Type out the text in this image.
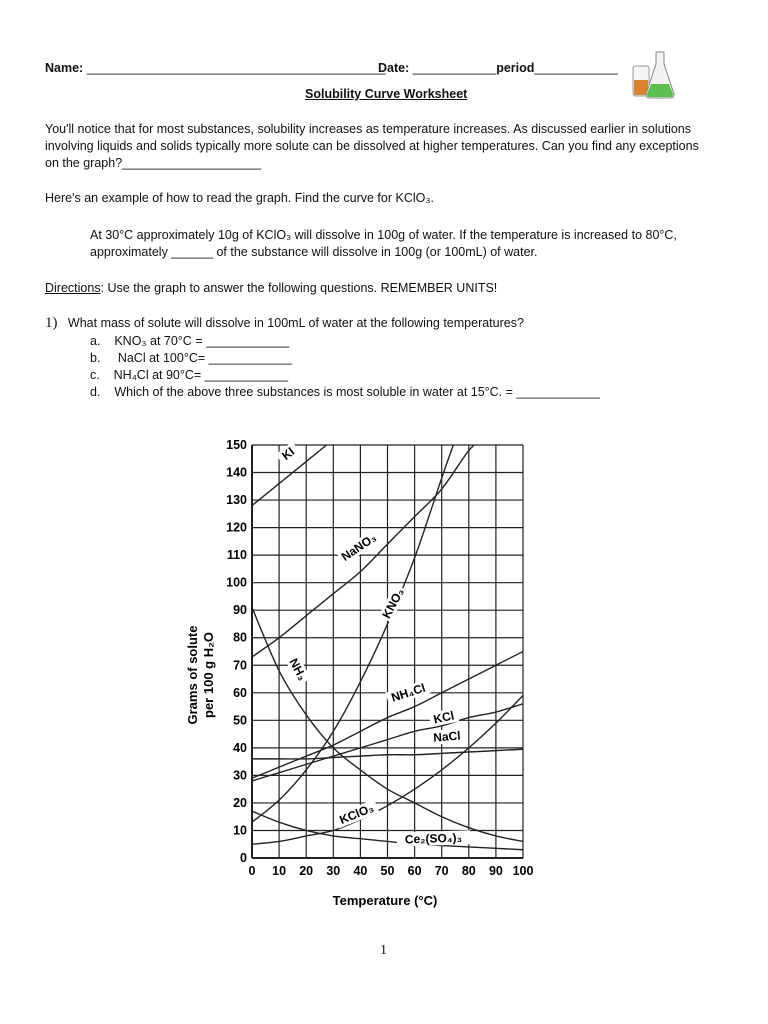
Name: ___________________________________________
Date: ____________period____________
Solubility Curve Worksheet
You'll notice that for most substances, solubility increases as temperature increases. As discussed earlier in solutions
involving liquids and solids typically more solute can be dissolved at higher temperatures. Can you find any exceptions
on the graph?____________________
Here's an example of how to read the graph. Find the curve for KClO₃.
At 30°C approximately 10g of KClO₃ will dissolve in 100g of water. If the temperature is increased to 80°C,
approximately ______ of the substance will dissolve in 100g (or 100mL) of water.
Directions: Use the graph to answer the following questions. REMEMBER UNITS!
1) What mass of solute will dissolve in 100mL of water at the following temperatures?
a. KNO₃ at 70°C = ____________
b.     NaCl at 100°C= ____________
c. NH₄Cl at 90°C= ____________
d. Which of the above three substances is most soluble in water at 15°C. = ____________
KI
NaNO₃
KNO₃
NH₃
NH₄Cl
KCl
NaCl
KClO₃
Ce₂(SO₄)₃
0 10 20 30 40 50 60 70 80 90 100
0
10
20
30
40
50
60
70
80
90
100
110
120
130
140
150
Grams of solute per 100 g H₂O
Temperature (°C)
1
